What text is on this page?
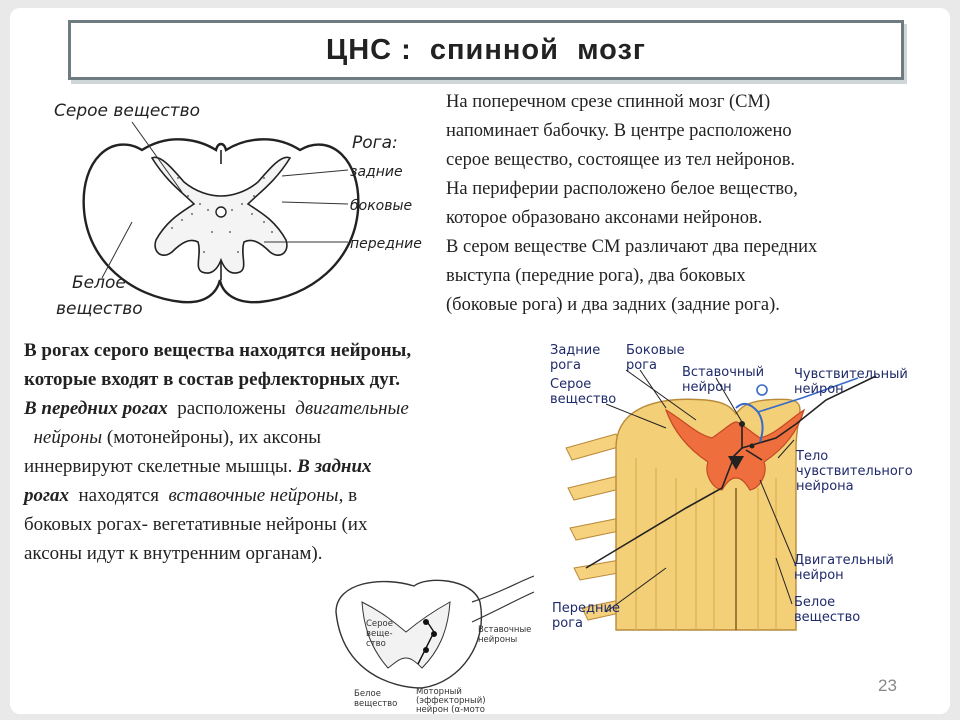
ЦНС :  спинной  мозг
Серое вещество
Рога:
задние
боковые
передние
Белое
вещество
На поперечном срезе спинной мозг (СМ)
напоминает бабочку. В центре расположено
серое вещество, состоящее из тел нейронов.
На периферии расположено белое вещество,
которое образовано аксонами нейронов.
В сером веществе СМ различают два передних
выступа (передние рога), два боковых
(боковые рога) и два задних (задние рога).
В рогах серого вещества находятся нейроны,
которые входят в состав рефлекторных дуг.
В передних рогах расположены двигательные
нейроны (мотонейроны), их аксоны
иннервируют скелетные мышцы. В задних
рогах находятся вставочные нейроны, в
боковых рогах- вегетативные нейроны (их
аксоны идут к внутренним органам).
Задние
рога
Боковые
рога Вставочный
нейрон
Чувствительный
нейрон
Серое
вещество
Тело
чувствительного
нейрона
Двигательный
нейрон
Передние
рога
Белое
вещество
Серое
веще-
ство
Вставочные
нейроны
Белое
вещество
Моторный
(эффекторный)
нейрон (α-мото
23
